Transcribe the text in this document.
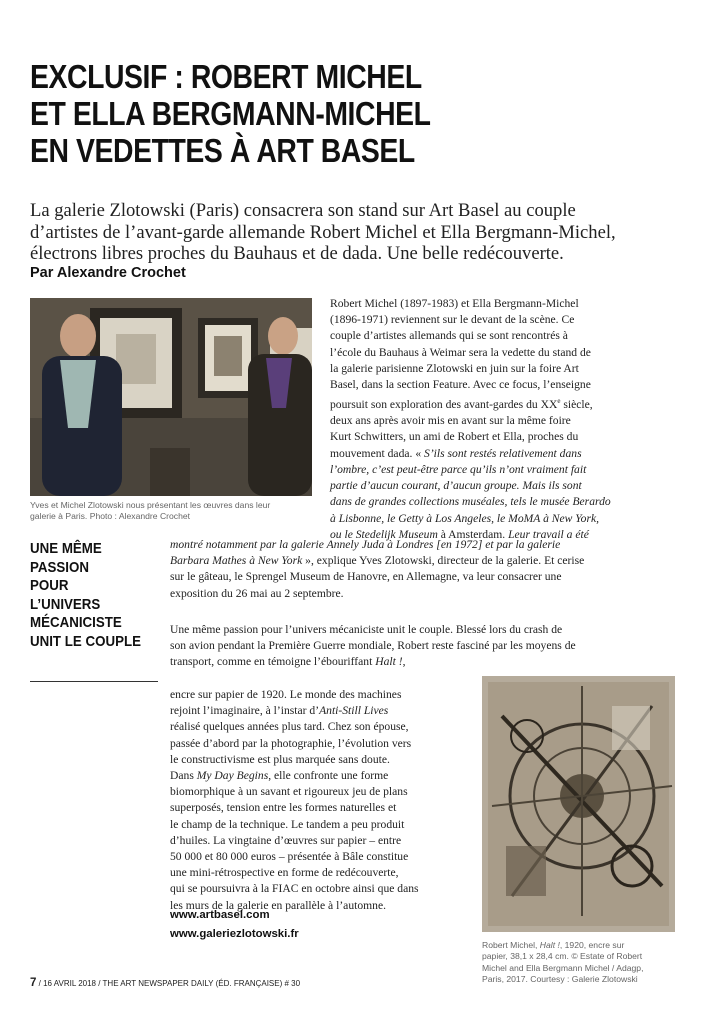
EXCLUSIF : ROBERT MICHEL
ET ELLA BERGMANN-MICHEL
EN VEDETTES À ART BASEL
La galerie Zlotowski (Paris) consacrera son stand sur Art Basel au couple
d’artistes de l’avant-garde allemande Robert Michel et Ella Bergmann-Michel,
électrons libres proches du Bauhaus et de dada. Une belle redécouverte.
Par Alexandre Crochet
Yves et Michel Zlotowski nous présentant les œuvres dans leur
galerie à Paris. Photo : Alexandre Crochet
Robert Michel (1897-1983) et Ella Bergmann-Michel
(1896-1971) reviennent sur le devant de la scène. Ce
couple d’artistes allemands qui se sont rencontrés à
l’école du Bauhaus à Weimar sera la vedette du stand de
la galerie parisienne Zlotowski en juin sur la foire Art
Basel, dans la section Feature. Avec ce focus, l’enseigne
poursuit son exploration des avant-gardes du XXe siècle,
deux ans après avoir mis en avant sur la même foire
Kurt Schwitters, un ami de Robert et Ella, proches du
mouvement dada. « S’ils sont restés relativement dans
l’ombre, c’est peut-être parce qu’ils n’ont vraiment fait
partie d’aucun courant, d’aucun groupe. Mais ils sont
dans de grandes collections muséales, tels le musée Berardo
à Lisbonne, le Getty à Los Angeles, le MoMA à New York,
ou le Stedelijk Museum à Amsterdam. Leur travail a été
UNE MÊME
PASSION
POUR
L’UNIVERS
MÉCANICISTE
UNIT LE COUPLE
montré notamment par la galerie Annely Juda à Londres [en 1972] et par la galerie
Barbara Mathes à New York », explique Yves Zlotowski, directeur de la galerie. Et cerise
sur le gâteau, le Sprengel Museum de Hanovre, en Allemagne, va leur consacrer une
exposition du 26 mai au 2 septembre.
Une même passion pour l’univers mécaniciste unit le couple. Blessé lors du crash de
son avion pendant la Première Guerre mondiale, Robert reste fasciné par les moyens de
transport, comme en témoigne l’ébouriffant Halt !,
encre sur papier de 1920. Le monde des machines
rejoint l’imaginaire, à l’instar d’Anti-Still Lives
réalisé quelques années plus tard. Chez son épouse,
passée d’abord par la photographie, l’évolution vers
le constructivisme est plus marquée sans doute.
Dans My Day Begins, elle confronte une forme
biomorphique à un savant et rigoureux jeu de plans
superposés, tension entre les formes naturelles et
le champ de la technique. Le tandem a peu produit
d’huiles. La vingtaine d’œuvres sur papier – entre
50 000 et 80 000 euros – présentée à Bâle constitue
une mini-rétrospective en forme de redécouverte,
qui se poursuivra à la FIAC en octobre ainsi que dans
les murs de la galerie en parallèle à l’automne.
www.artbasel.com
www.galeriezlotowski.fr
Robert Michel, Halt !, 1920, encre sur
papier, 38,1 x 28,4 cm. © Estate of Robert
Michel and Ella Bergmann Michel / Adagp,
Paris, 2017. Courtesy : Galerie Zlotowski
7 / 16 AVRIL 2018 / THE ART NEWSPAPER DAILY (ÉD. FRANÇAISE) # 30
